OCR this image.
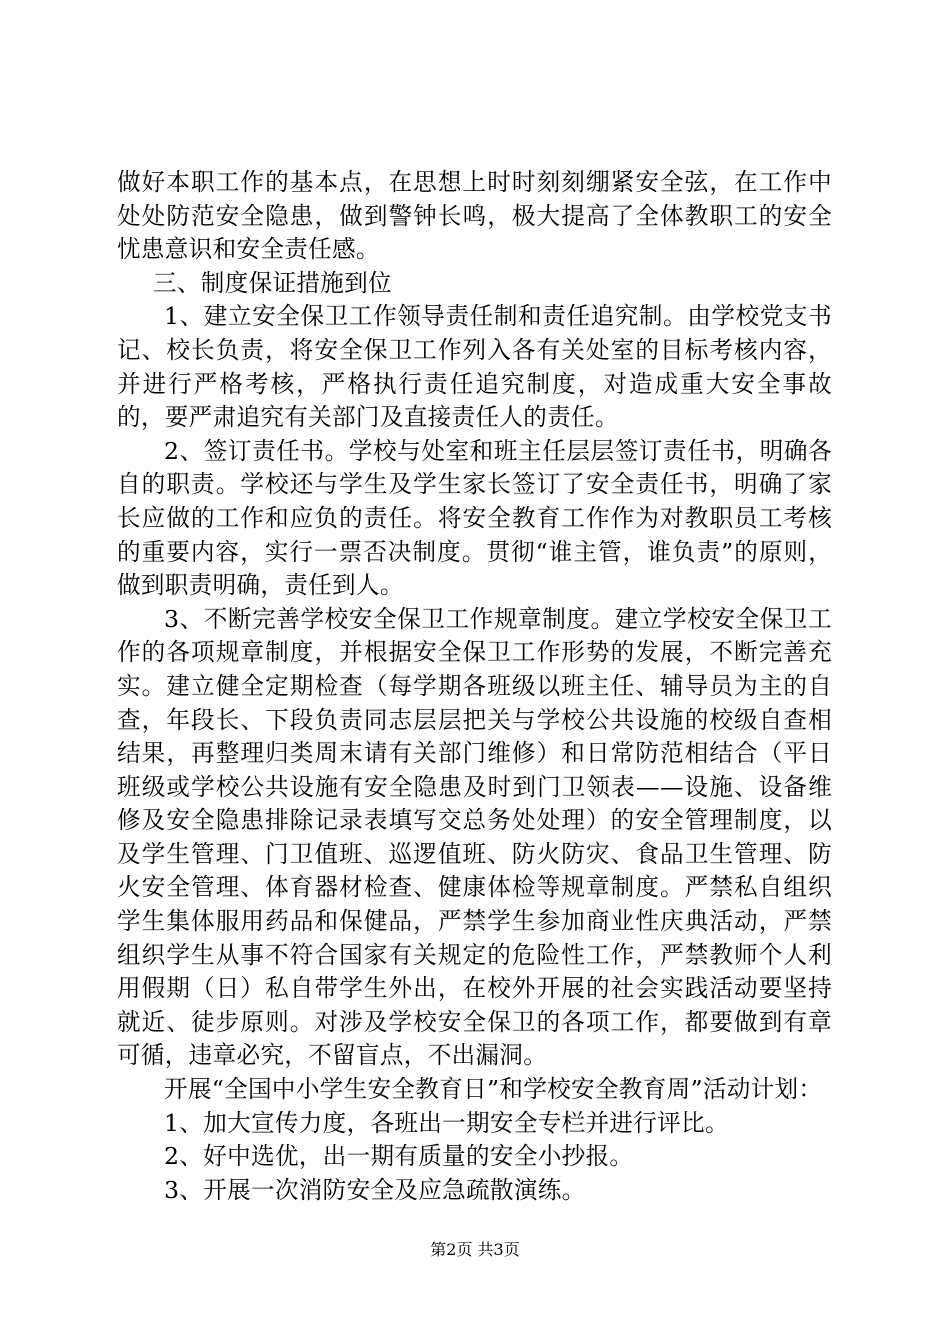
做好本职工作的基本点，在思想上时时刻刻绷紧安全弦，在工作中处处防范安全隐患，做到警钟长鸣，极大提高了全体教职工的安全忧患意识和安全责任感。

三、制度保证措施到位

1、建立安全保卫工作领导责任制和责任追究制。由学校党支书记、校长负责，将安全保卫工作列入各有关处室的目标考核内容，并进行严格考核，严格执行责任追究制度，对造成重大安全事故的，要严肃追究有关部门及直接责任人的责任。

2、签订责任书。学校与处室和班主任层层签订责任书，明确各自的职责。学校还与学生及学生家长签订了安全责任书，明确了家长应做的工作和应负的责任。将安全教育工作作为对教职员工考核的重要内容，实行一票否决制度。贯彻“谁主管，谁负责”的原则，做到职责明确，责任到人。

3、不断完善学校安全保卫工作规章制度。建立学校安全保卫工作的各项规章制度，并根据安全保卫工作形势的发展，不断完善充实。建立健全定期检查（每学期各班级以班主任、辅导员为主的自查，年段长、下段负责同志层层把关与学校公共设施的校级自查相结果，再整理归类周末请有关部门维修）和日常防范相结合（平日班级或学校公共设施有安全隐患及时到门卫领表——设施、设备维修及安全隐患排除记录表填写交总务处处理）的安全管理制度，以及学生管理、门卫值班、巡逻值班、防火防灾、食品卫生管理、防火安全管理、体育器材检查、健康体检等规章制度。严禁私自组织学生集体服用药品和保健品，严禁学生参加商业性庆典活动，严禁组织学生从事不符合国家有关规定的危险性工作，严禁教师个人利用假期（日）私自带学生外出，在校外开展的社会实践活动要坚持就近、徒步原则。对涉及学校安全保卫的各项工作，都要做到有章可循，违章必究，不留盲点，不出漏洞。

开展“全国中小学生安全教育日”和学校安全教育周”活动计划：

1、加大宣传力度，各班出一期安全专栏并进行评比。

2、好中选优，出一期有质量的安全小抄报。

3、开展一次消防安全及应急疏散演练。

第2页 共3页
